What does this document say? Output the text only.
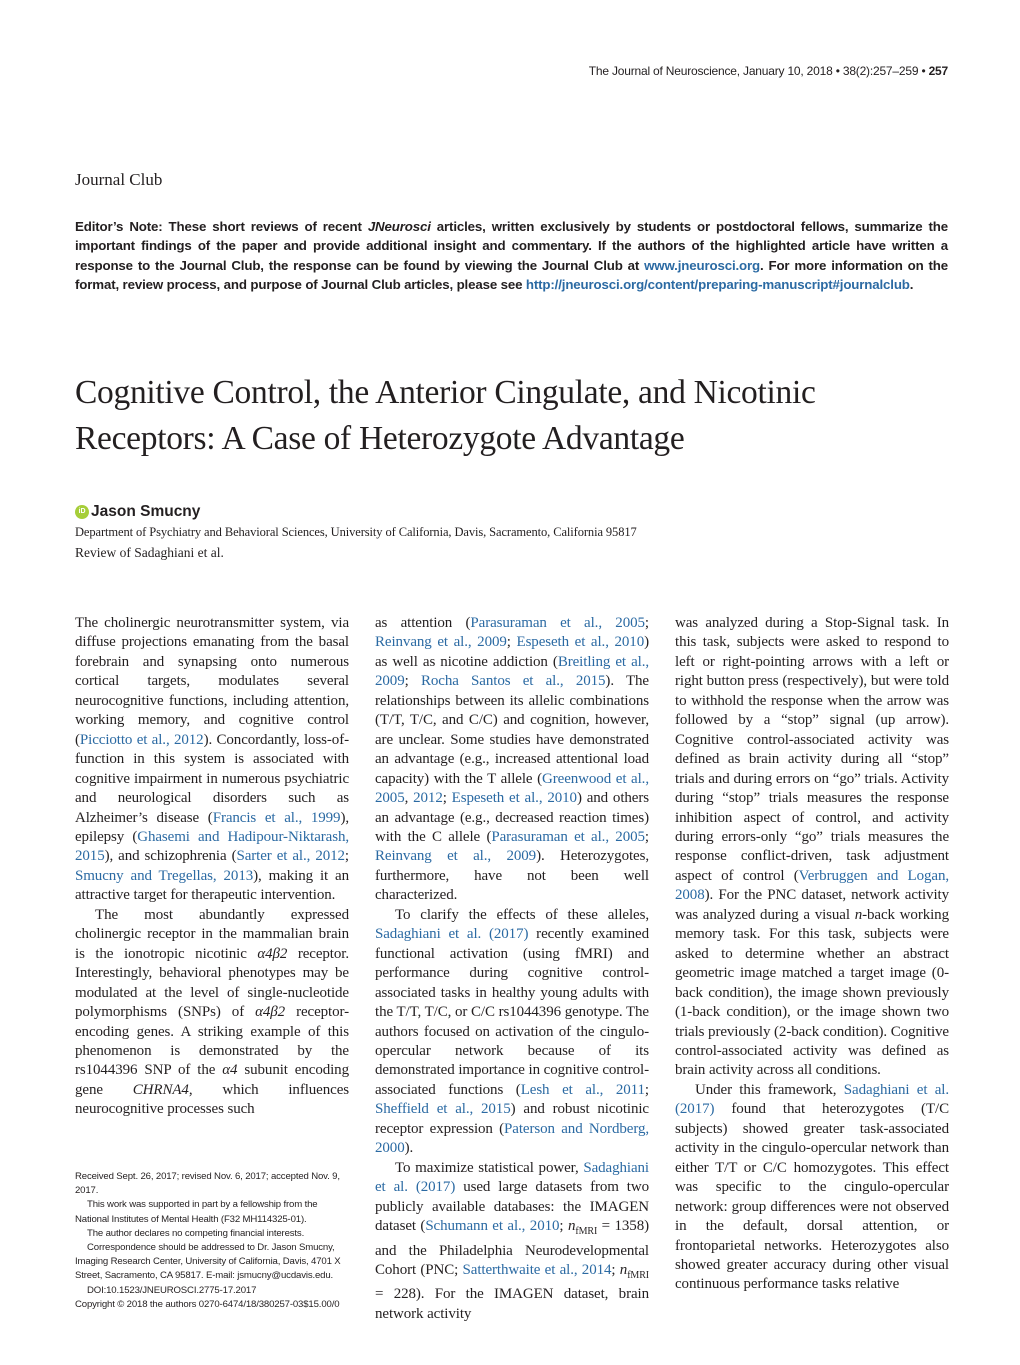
The Journal of Neuroscience, January 10, 2018 • 38(2):257–259 • 257
Journal Club
Editor’s Note: These short reviews of recent JNeurosci articles, written exclusively by students or postdoctoral fellows, summarize the important findings of the paper and provide additional insight and commentary. If the authors of the highlighted article have written a response to the Journal Club, the response can be found by viewing the Journal Club at www.jneurosci.org. For more information on the format, review process, and purpose of Journal Club articles, please see http://jneurosci.org/content/preparing-manuscript#journalclub.
Cognitive Control, the Anterior Cingulate, and Nicotinic
Receptors: A Case of Heterozygote Advantage
iD Jason Smucny
Department of Psychiatry and Behavioral Sciences, University of California, Davis, Sacramento, California 95817
Review of Sadaghiani et al.

The cholinergic neurotransmitter system, via diffuse projections emanating from the basal forebrain and synapsing onto numerous cortical targets, modulates several neurocognitive functions, including attention, working memory, and cognitive control (Picciotto et al., 2012). Concordantly, loss-of-function in this system is associated with cognitive impairment in numerous psychiatric and neurological disorders such as Alzheimer’s disease (Francis et al., 1999), epilepsy (Ghasemi and Hadipour-Niktarash, 2015), and schizophrenia (Sarter et al., 2012; Smucny and Tregellas, 2013), making it an attractive target for therapeutic intervention.

The most abundantly expressed cholinergic receptor in the mammalian brain is the ionotropic nicotinic α4β2 receptor. Interestingly, behavioral phenotypes may be modulated at the level of single-nucleotide polymorphisms (SNPs) of α4β2 receptor-encoding genes. A striking example of this phenomenon is demonstrated by the rs1044396 SNP of the α4 subunit encoding gene CHRNA4, which influences neurocognitive processes such

Received Sept. 26, 2017; revised Nov. 6, 2017; accepted Nov. 9, 2017.

This work was supported in part by a fellowship from the National Institutes of Mental Health (F32 MH114325-01).

The author declares no competing financial interests.

Correspondence should be addressed to Dr. Jason Smucny, Imaging Research Center, University of California, Davis, 4701 X Street, Sacramento, CA 95817. E-mail: jsmucny@ucdavis.edu.

DOI:10.1523/JNEUROSCI.2775-17.2017

Copyright © 2018 the authors 0270-6474/18/380257-03$15.00/0

as attention (Parasuraman et al., 2005; Reinvang et al., 2009; Espeseth et al., 2010) as well as nicotine addiction (Breitling et al., 2009; Rocha Santos et al., 2015). The relationships between its allelic combinations (T/T, T/C, and C/C) and cognition, however, are unclear. Some studies have demonstrated an advantage (e.g., increased attentional load capacity) with the T allele (Greenwood et al., 2005, 2012; Espeseth et al., 2010) and others an advantage (e.g., decreased reaction times) with the C allele (Parasuraman et al., 2005; Reinvang et al., 2009). Heterozygotes, furthermore, have not been well characterized.

To clarify the effects of these alleles, Sadaghiani et al. (2017) recently examined functional activation (using fMRI) and performance during cognitive control-associated tasks in healthy young adults with the T/T, T/C, or C/C rs1044396 genotype. The authors focused on activation of the cingulo-opercular network because of its demonstrated importance in cognitive control-associated functions (Lesh et al., 2011; Sheffield et al., 2015) and robust nicotinic receptor expression (Paterson and Nordberg, 2000).

To maximize statistical power, Sadaghiani et al. (2017) used large datasets from two publicly available databases: the IMAGEN dataset (Schumann et al., 2010; $n_{fMRI} = 1358$) and the Philadelphia Neurodevelopmental Cohort (PNC; Satterthwaite et al., 2014; $n_{fMRI} = 228$). For the IMAGEN dataset, brain network activity

was analyzed during a Stop-Signal task. In this task, subjects were asked to respond to left or right-pointing arrows with a left or right button press (respectively), but were told to withhold the response when the arrow was followed by a “stop” signal (up arrow). Cognitive control-associated activity was defined as brain activity during all “stop” trials and during errors on “go” trials. Activity during “stop” trials measures the response inhibition aspect of control, and activity during errors-only “go” trials measures the response conflict-driven, task adjustment aspect of control (Verbruggen and Logan, 2008). For the PNC dataset, network activity was analyzed during a visual n-back working memory task. For this task, subjects were asked to determine whether an abstract geometric image matched a target image (0-back condition), the image shown previously (1-back condition), or the image shown two trials previously (2-back condition). Cognitive control-associated activity was defined as brain activity across all conditions.

Under this framework, Sadaghiani et al. (2017) found that heterozygotes (T/C subjects) showed greater task-associated activity in the cingulo-opercular network than either T/T or C/C homozygotes. This effect was specific to the cingulo-opercular network: group differences were not observed in the default, dorsal attention, or frontoparietal networks. Heterozygotes also showed greater accuracy during other visual continuous performance tasks relative
